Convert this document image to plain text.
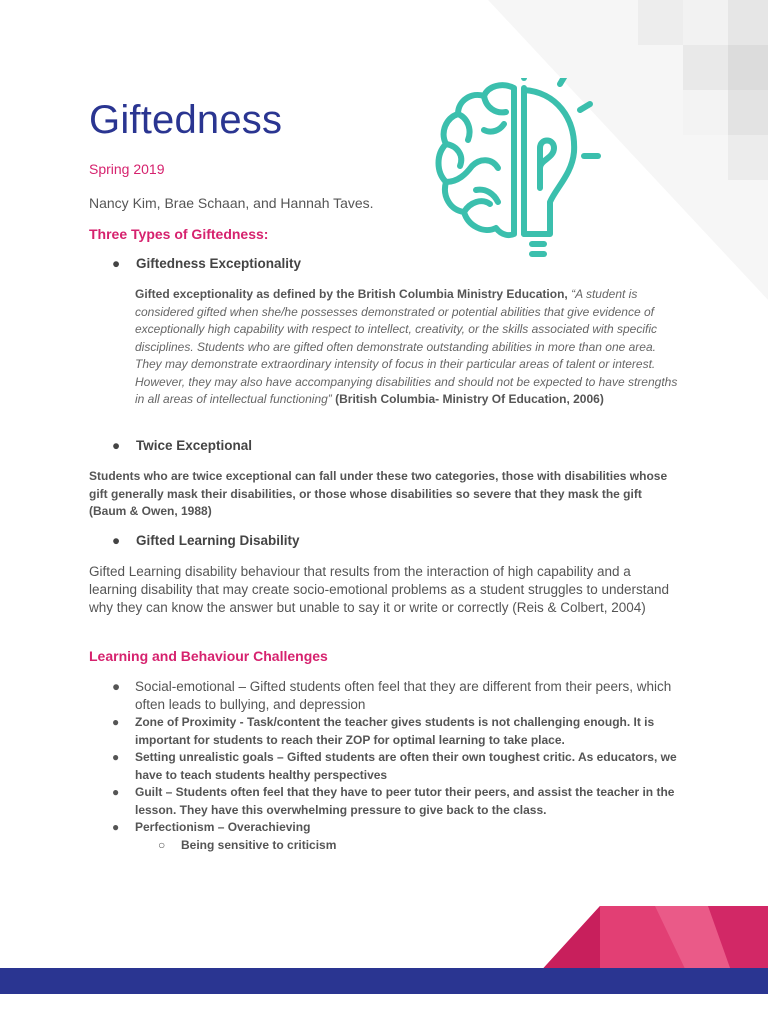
Giftedness
Spring 2019
Nancy Kim, Brae Schaan, and Hannah Taves.
Three Types of Giftedness:
● Giftedness Exceptionality
Gifted exceptionality as defined by the British Columbia Ministry Education, “A student is considered gifted when she/he possesses demonstrated or potential abilities that give evidence of exceptionally high capability with respect to intellect, creativity, or the skills associated with specific disciplines. Students who are gifted often demonstrate outstanding abilities in more than one area. They may demonstrate extraordinary intensity of focus in their particular areas of talent or interest. However, they may also have accompanying disabilities and should not be expected to have strengths in all areas of intellectual functioning” (British Columbia- Ministry Of Education, 2006)
● Twice Exceptional
Students who are twice exceptional can fall under these two categories, those with disabilities whose gift generally mask their disabilities, or those whose disabilities so severe that they mask the gift (Baum & Owen, 1988)
● Gifted Learning Disability
Gifted Learning disability behaviour that results from the interaction of high capability and a learning disability that may create socio-emotional problems as a student struggles to understand why they can know the answer but unable to say it or write or correctly (Reis & Colbert, 2004)
Learning and Behaviour Challenges
● Social-emotional – Gifted students often feel that they are different from their peers, which often leads to bullying, and depression
● Zone of Proximity - Task/content the teacher gives students is not challenging enough. It is important for students to reach their ZOP for optimal learning to take place.
● Setting unrealistic goals – Gifted students are often their own toughest critic. As educators, we have to teach students healthy perspectives
● Guilt – Students often feel that they have to peer tutor their peers, and assist the teacher in the lesson. They have this overwhelming pressure to give back to the class.
● Perfectionism – Overachieving
○ Being sensitive to criticism
